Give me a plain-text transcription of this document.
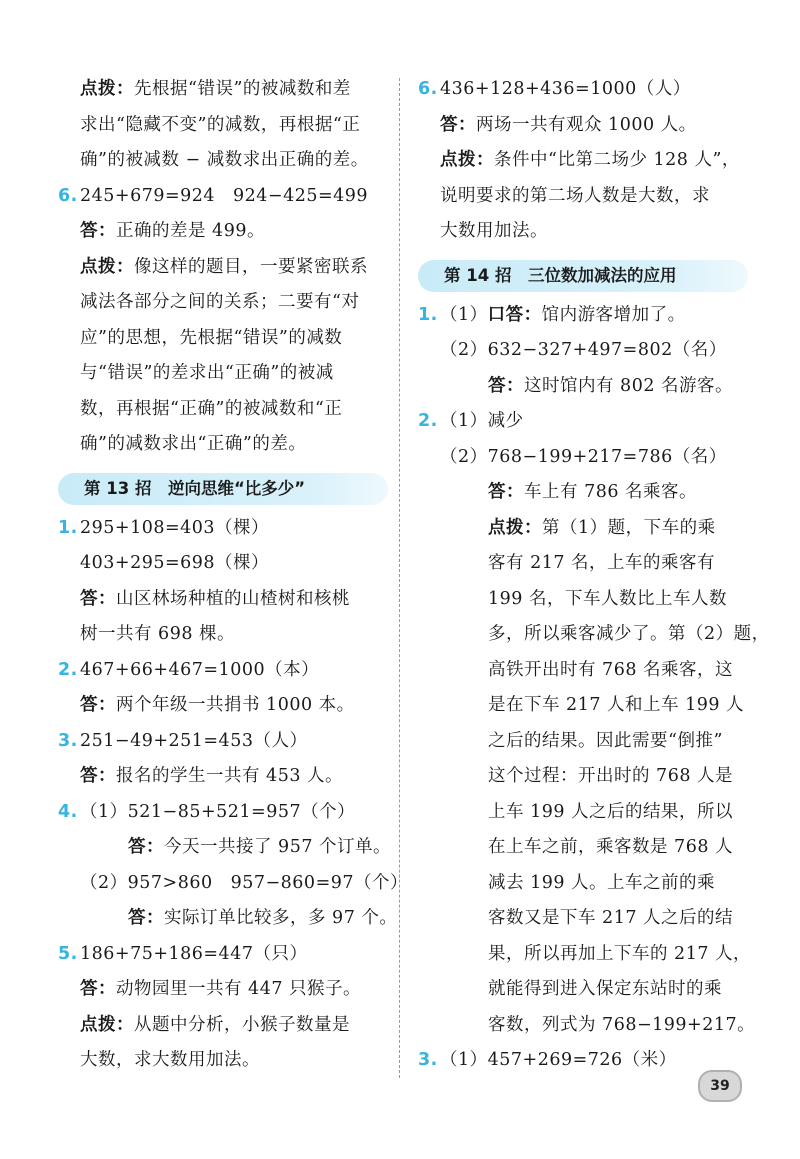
点拨：先根据“错误”的被减数和差
求出“隐藏不变”的减数，再根据“正
确”的被减数 − 减数求出正确的差。
6. 245+679=924　924−425=499
答：正确的差是 499。
点拨：像这样的题目，一要紧密联系
减法各部分之间的关系；二要有“对
应”的思想，先根据“错误”的减数
与“错误”的差求出“正确”的被减
数，再根据“正确”的被减数和“正
确”的减数求出“正确”的差。
第 13 招　逆向思维“比多少”
1. 295+108=403（棵）
403+295=698（棵）
答：山区林场种植的山楂树和核桃
树一共有 698 棵。
2. 467+66+467=1000（本）
答：两个年级一共捐书 1000 本。
3. 251−49+251=453（人）
答：报名的学生一共有 453 人。
4. （1）521−85+521=957（个）
答：今天一共接了 957 个订单。
（2）957>860　957−860=97（个）
答：实际订单比较多，多 97 个。
5. 186+75+186=447（只）
答：动物园里一共有 447 只猴子。
点拨：从题中分析，小猴子数量是
大数，求大数用加法。
6. 436+128+436=1000（人）
答：两场一共有观众 1000 人。
点拨：条件中“比第二场少 128 人”，
说明要求的第二场人数是大数，求
大数用加法。
第 14 招　三位数加减法的应用
1. （1）口答：馆内游客增加了。
（2）632−327+497=802（名）
答：这时馆内有 802 名游客。
2. （1）减少
（2）768−199+217=786（名）
答：车上有 786 名乘客。
点拨：第（1）题，下车的乘
客有 217 名，上车的乘客有
199 名，下车人数比上车人数
多，所以乘客减少了。第（2）题，
高铁开出时有 768 名乘客，这
是在下车 217 人和上车 199 人
之后的结果。因此需要“倒推”
这个过程：开出时的 768 人是
上车 199 人之后的结果，所以
在上车之前，乘客数是 768 人
减去 199 人。上车之前的乘
客数又是下车 217 人之后的结
果，所以再加上下车的 217 人，
就能得到进入保定东站时的乘
客数，列式为 768−199+217。
3. （1）457+269=726（米）
39
